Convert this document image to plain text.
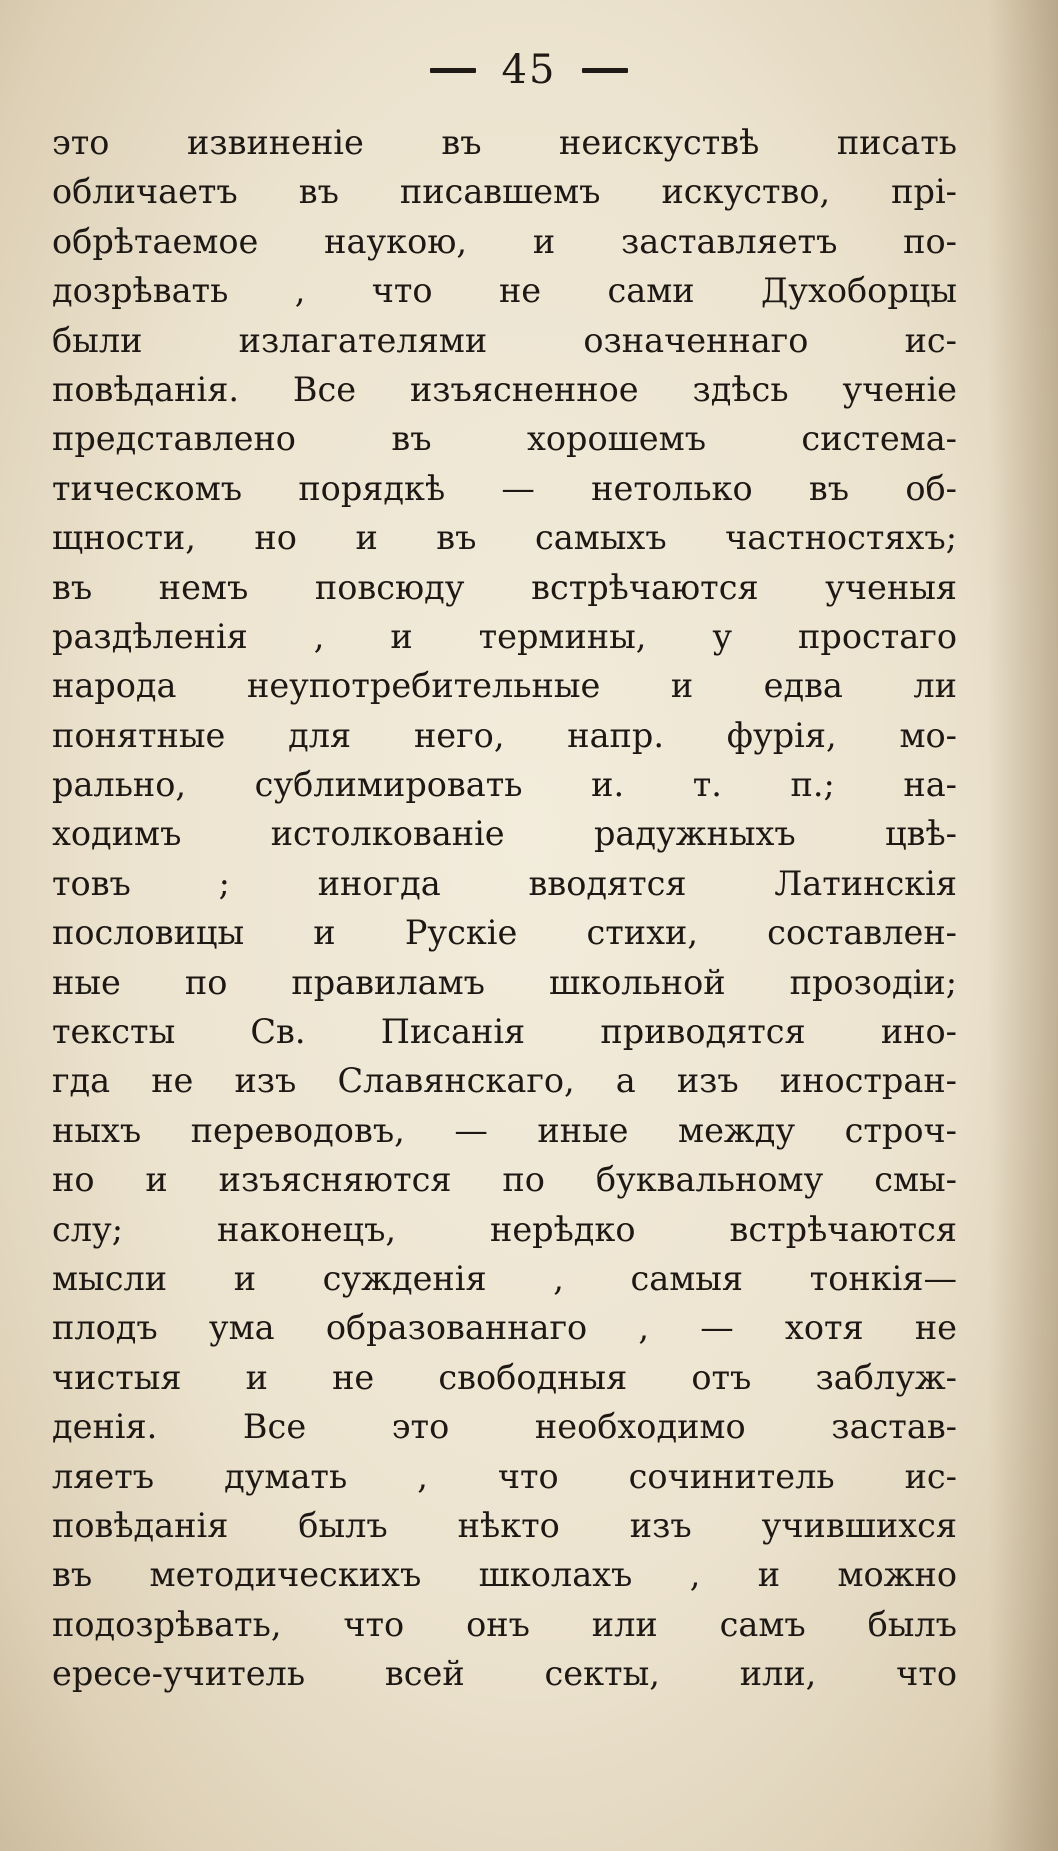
45
это извиненіе въ неискуствѣ писать
обличаетъ въ писавшемъ искуство, прі-
обрѣтаемое наукою, и заставляетъ по-
дозрѣвать , что не сами Духоборцы
были излагателями означеннаго ис-
повѣданія. Все изъясненное здѣсь ученіе
представлено въ хорошемъ система-
тическомъ порядкѣ — нетолько въ об-
щности, но и въ самыхъ частностяхъ;
въ немъ повсюду встрѣчаются ученыя
раздѣленія , и термины, у простаго
народа неупотребительные и едва ли
понятные для него, напр. фурія, мо-
рально, сублимировать и. т. п.; на-
ходимъ истолкованіе радужныхъ цвѣ-
товъ ; иногда вводятся Латинскія
пословицы и Рускіе стихи, составлен-
ные по правиламъ школьной прозодіи;
тексты Св. Писанія приводятся ино-
гда не изъ Славянскаго, а изъ иностран-
ныхъ переводовъ, — иные между строч-
но и изъясняются по буквальному смы-
слу; наконецъ, нерѣдко встрѣчаются
мысли и сужденія , самыя тонкія—
плодъ ума образованнаго , — хотя не
чистыя и не свободныя отъ заблуж-
денія. Все это необходимо застав-
ляетъ думать , что сочинитель ис-
повѣданія былъ нѣкто изъ учившихся
въ методическихъ школахъ , и можно
подозрѣвать, что онъ или самъ былъ
ересе-учитель всей секты, или, что
